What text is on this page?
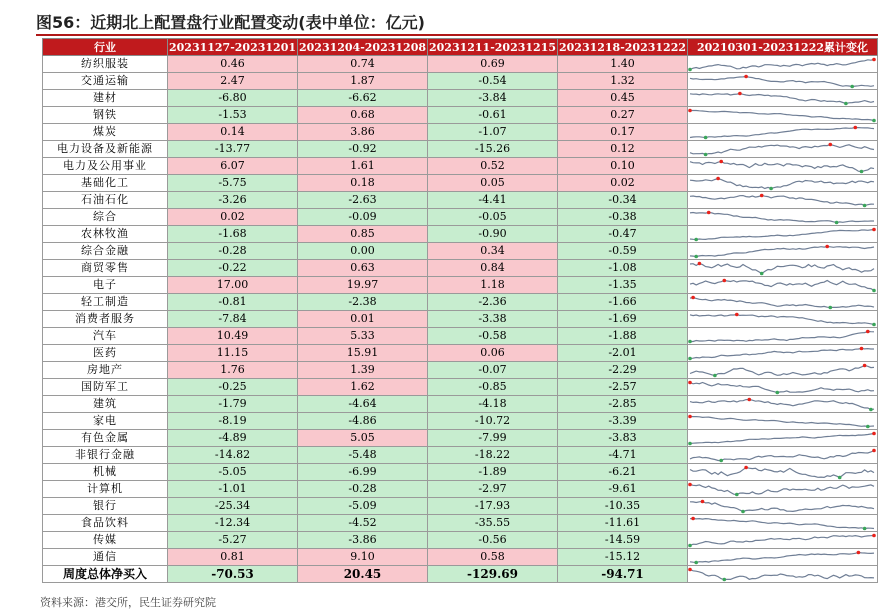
图56：近期北上配置盘行业配置变动(表中单位：亿元)
行业	20231127-20231201	20231204-20231208	20231211-20231215	20231218-20231222	20210301-20231222累计变化
纺织服装	0.46	0.74	0.69	1.40	

交通运输	2.47	1.87	-0.54	1.32	

建材	-6.80	-6.62	-3.84	0.45	

钢铁	-1.53	0.68	-0.61	0.27	

煤炭	0.14	3.86	-1.07	0.17	

电力设备及新能源	-13.77	-0.92	-15.26	0.12	

电力及公用事业	6.07	1.61	0.52	0.10	

基础化工	-5.75	0.18	0.05	0.02	

石油石化	-3.26	-2.63	-4.41	-0.34	

综合	0.02	-0.09	-0.05	-0.38	

农林牧渔	-1.68	0.85	-0.90	-0.47	

综合金融	-0.28	0.00	0.34	-0.59	

商贸零售	-0.22	0.63	0.84	-1.08	

电子	17.00	19.97	1.18	-1.35	

轻工制造	-0.81	-2.38	-2.36	-1.66	

消费者服务	-7.84	0.01	-3.38	-1.69	

汽车	10.49	5.33	-0.58	-1.88	

医药	11.15	15.91	0.06	-2.01	

房地产	1.76	1.39	-0.07	-2.29	

国防军工	-0.25	1.62	-0.85	-2.57	

建筑	-1.79	-4.64	-4.18	-2.85	

家电	-8.19	-4.86	-10.72	-3.39	

有色金属	-4.89	5.05	-7.99	-3.83	

非银行金融	-14.82	-5.48	-18.22	-4.71	

机械	-5.05	-6.99	-1.89	-6.21	

计算机	-1.01	-0.28	-2.97	-9.61	

银行	-25.34	-5.09	-17.93	-10.35	

食品饮料	-12.34	-4.52	-35.55	-11.61	

传媒	-5.27	-3.86	-0.56	-14.59	

通信	0.81	9.10	0.58	-15.12	

周度总体净买入	-70.53	20.45	-129.69	-94.71	
资料来源：港交所，民生证券研究院
